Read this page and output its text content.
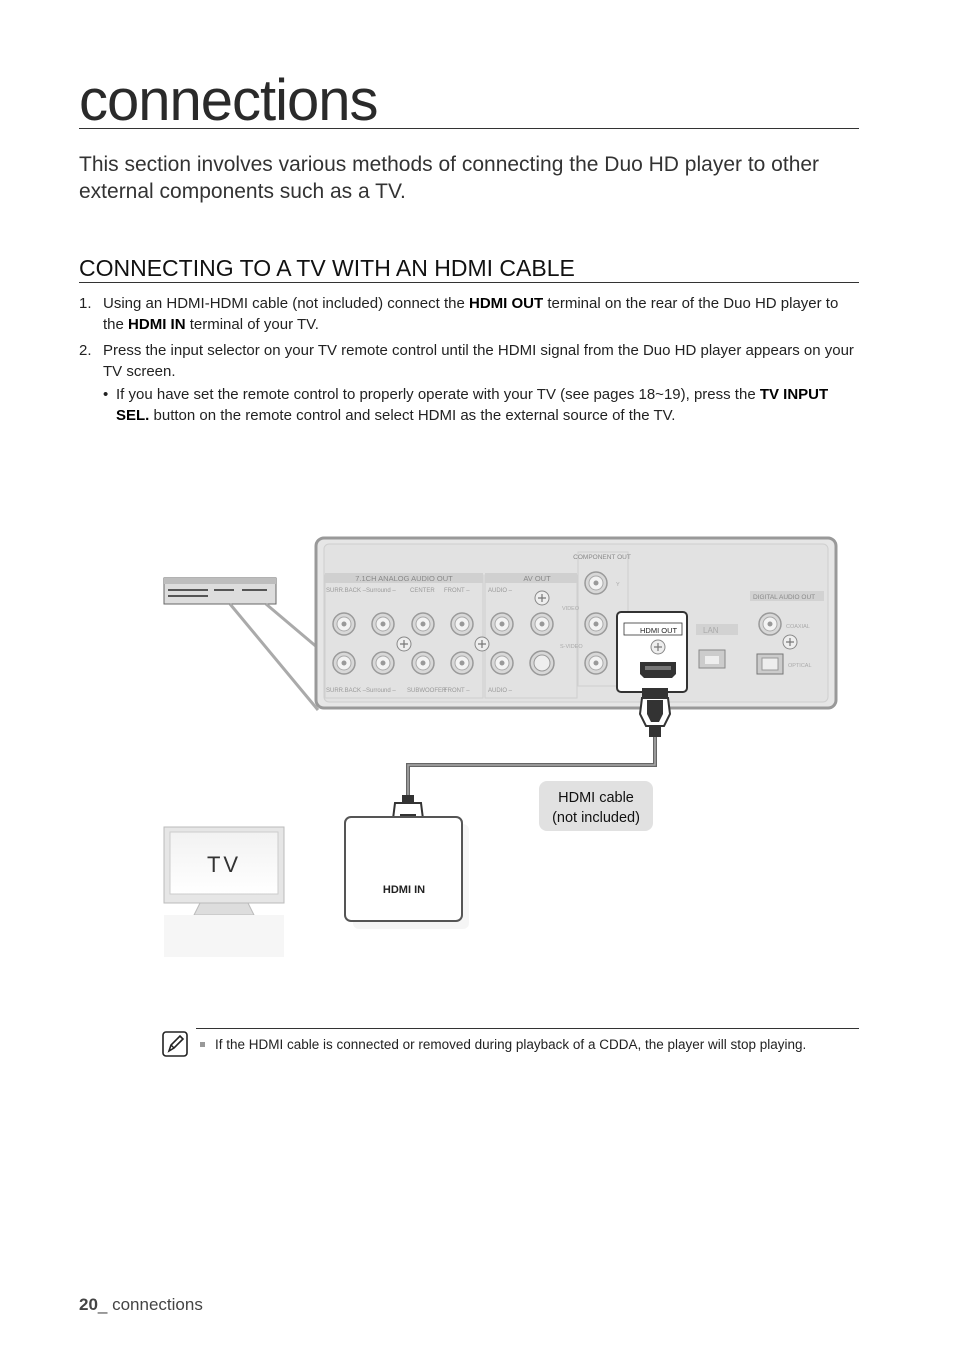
connections

This section involves various methods of connecting the Duo HD player to other external components such as a TV.

CONNECTING TO A TV WITH AN HDMI CABLE
1. Using an HDMI-HDMI cable (not included) connect the HDMI OUT terminal on the rear of the Duo HD player to the HDMI IN terminal of your TV.
2. Press the input selector on your TV remote control until the HDMI signal from the Duo HD player appears on your TV screen.
• If you have set the remote control to properly operate with your TV (see pages 18~19), press the TV INPUT SEL. button on the remote control and select HDMI as the external source of the TV.
7.1CH ANALOG AUDIO OUT	AV OUT
COMPONENT OUT
SURR.BACK – Surround – CENTER FRONT –	AUDIO –
SURR.BACK – Surround – SUBWOOFER
FRONT –	AUDIO –
VIDEO
S-VIDEO
Y
HDMI OUT	LAN
DIGITAL AUDIO OUT
COAXIAL
OPTICAL
HDMI cable
(not included)
HDMI IN
TV

If the HDMI cable is connected or removed during playback of a CDDA, the player will stop playing.

20_ connections
